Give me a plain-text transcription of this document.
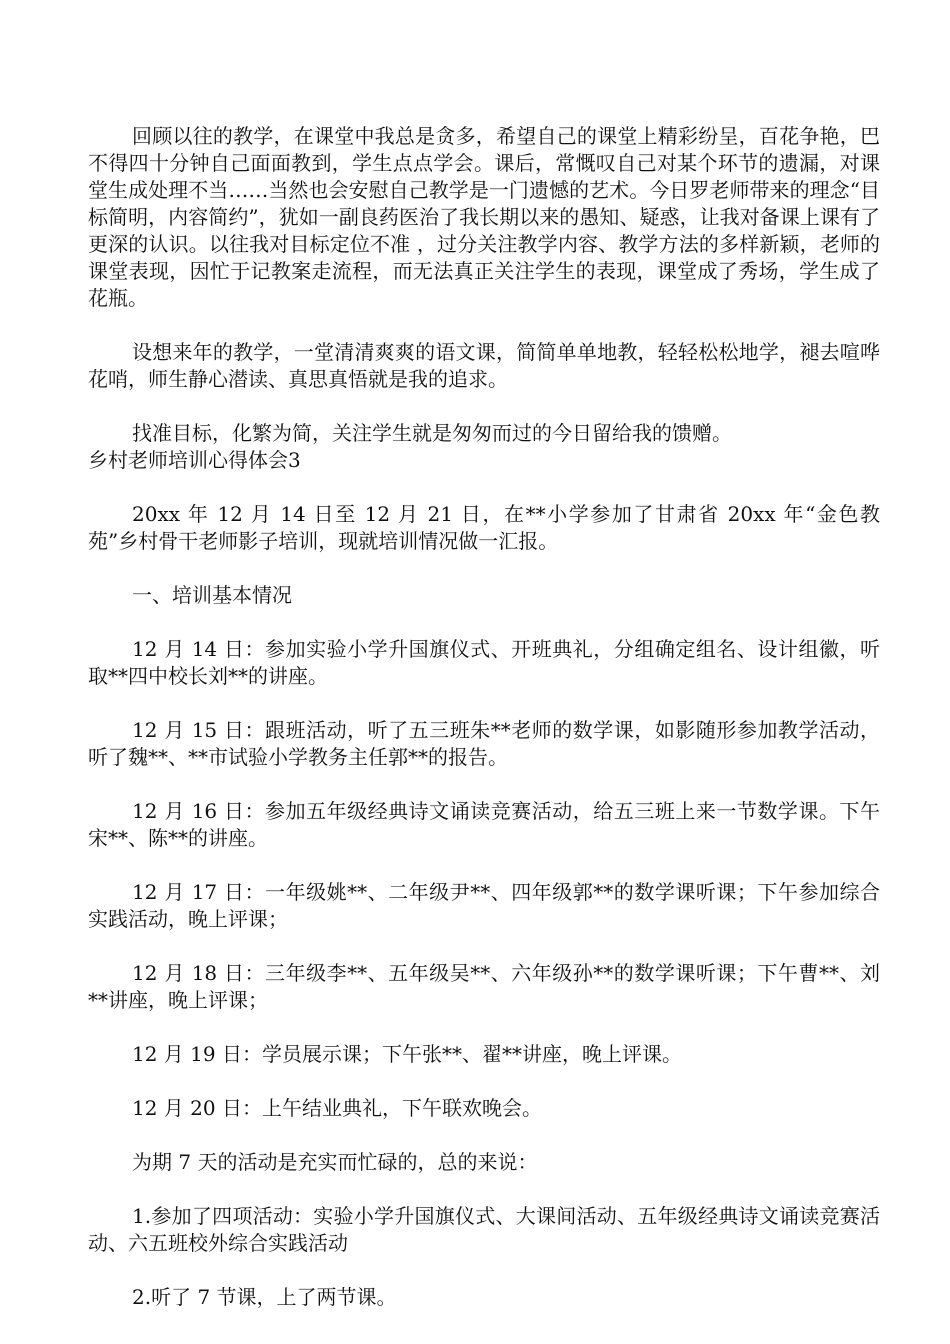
回顾以往的教学，在课堂中我总是贪多，希望自己的课堂上精彩纷呈，百花争艳，巴不得四十分钟自己面面教到，学生点点学会。课后，常慨叹自己对某个环节的遗漏，对课堂生成处理不当……当然也会安慰自己教学是一门遗憾的艺术。今日罗老师带来的理念“目标简明，内容简约”，犹如一副良药医治了我长期以来的愚知、疑惑，让我对备课上课有了更深的认识。以往我对目标定位不准 ，过分关注教学内容、教学方法的多样新颖，老师的课堂表现，因忙于记教案走流程，而无法真正关注学生的表现，课堂成了秀场，学生成了花瓶。

设想来年的教学，一堂清清爽爽的语文课，简简单单地教，轻轻松松地学，褪去喧哗花哨，师生静心潜读、真思真悟就是我的追求。

找准目标，化繁为简，关注学生就是匆匆而过的今日留给我的馈赠。

乡村老师培训心得体会3

20xx 年 12 月 14 日至 12 月 21 日，在**小学参加了甘肃省 20xx 年“金色教苑”乡村骨干老师影子培训，现就培训情况做一汇报。

一、培训基本情况

12 月 14 日：参加实验小学升国旗仪式、开班典礼，分组确定组名、设计组徽，听取**四中校长刘**的讲座。

12 月 15 日：跟班活动，听了五三班朱**老师的数学课，如影随形参加教学活动，听了魏**、**市试验小学教务主任郭**的报告。

12 月 16 日：参加五年级经典诗文诵读竞赛活动，给五三班上来一节数学课。下午宋**、陈**的讲座。

12 月 17 日：一年级姚**、二年级尹**、四年级郭**的数学课听课；下午参加综合实践活动，晚上评课；

12 月 18 日：三年级李**、五年级吴**、六年级孙**的数学课听课；下午曹**、刘**讲座，晚上评课；

12 月 19 日：学员展示课；下午张**、翟**讲座，晚上评课。

12 月 20 日：上午结业典礼，下午联欢晚会。

为期 7 天的活动是充实而忙碌的，总的来说：

1.参加了四项活动：实验小学升国旗仪式、大课间活动、五年级经典诗文诵读竞赛活动、六五班校外综合实践活动

2.听了 7 节课，上了两节课。
